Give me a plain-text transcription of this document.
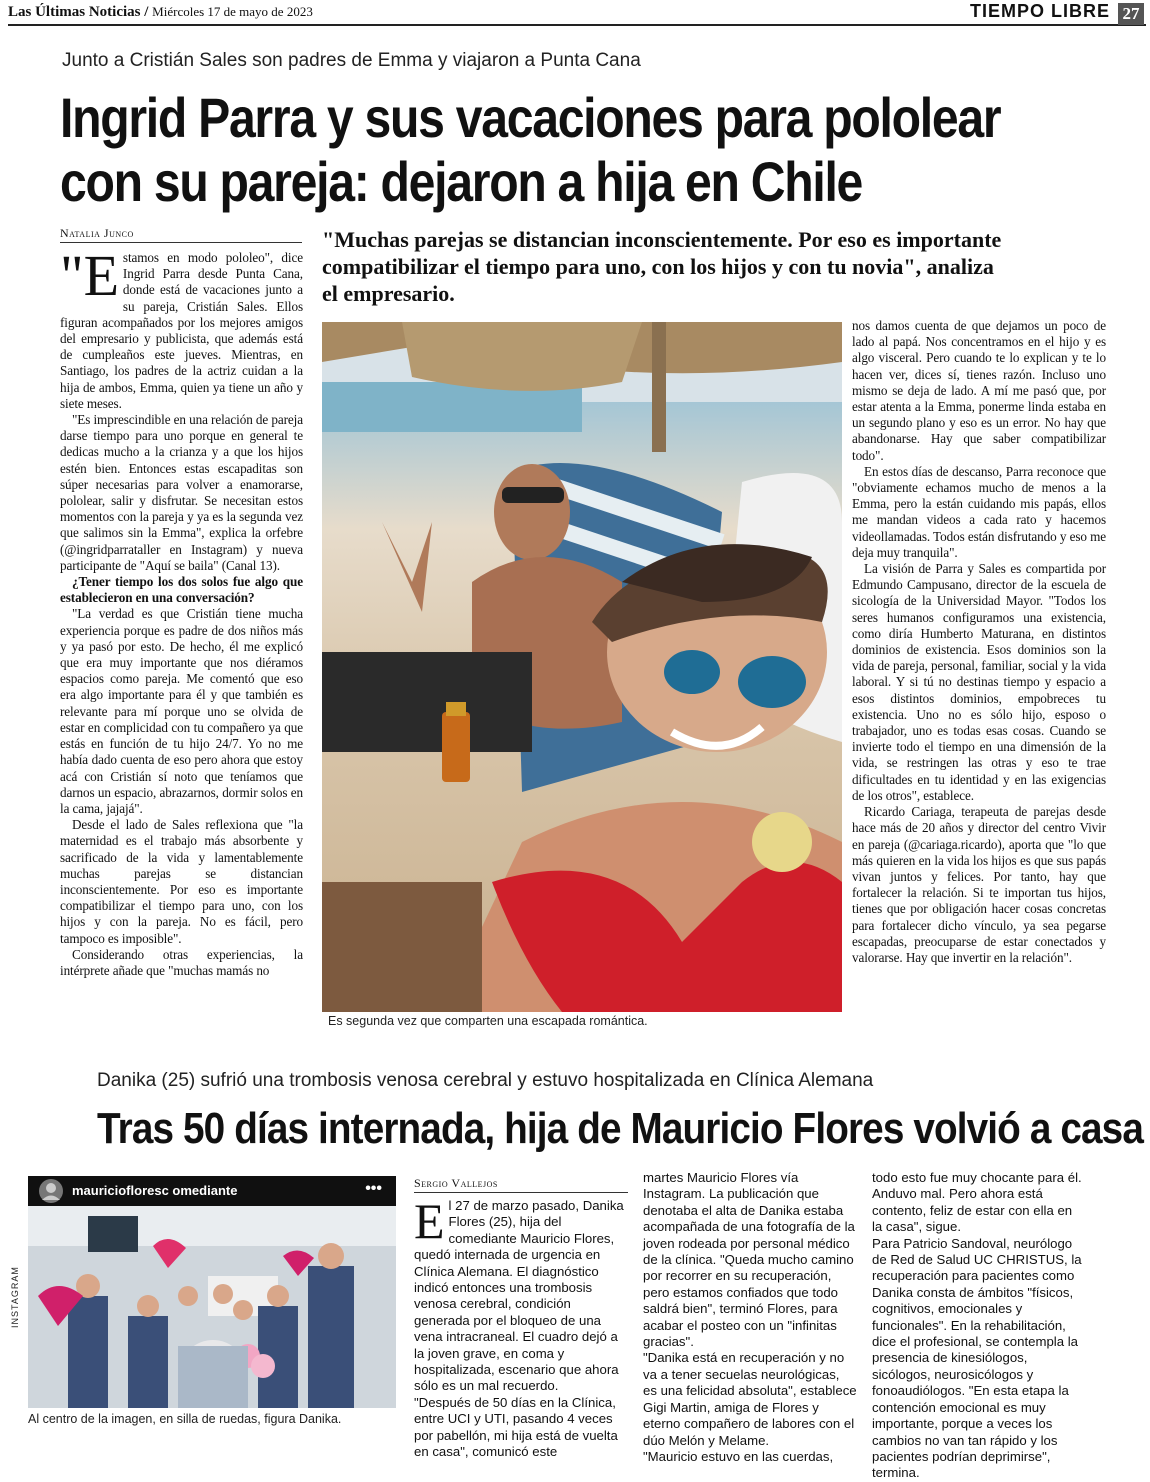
Las Últimas Noticias / Miércoles 17 de mayo de 2023	TIEMPO LIBRE 27
Junto a Cristián Sales son padres de Emma y viajaron a Punta Cana
Ingrid Parra y sus vacaciones para pololear
con su pareja: dejaron a hija en Chile
Natalia Junco	"Muchas parejas se distancian inconscientemente. Por eso es importante compatibilizar el tiempo para uno, con los hijos y con tu novia", analiza el empresario.

"Estamos en modo pololeo", dice Ingrid Parra desde Punta Cana, donde está de vacaciones junto a su pareja, Cristián Sales. Ellos figuran acompañados por los mejores amigos del empresario y publicista, que además está de cumpleaños este jueves. Mientras, en Santiago, los padres de la actriz cuidan a la hija de ambos, Emma, quien ya tiene un año y siete meses.

"Es imprescindible en una relación de pareja darse tiempo para uno porque en general te dedicas mucho a la crianza y a que los hijos estén bien. Entonces estas escapaditas son súper necesarias para volver a enamorarse, pololear, salir y disfrutar. Se necesitan estos momentos con la pareja y ya es la segunda vez que salimos sin la Emma", explica la orfebre (@ingridparrataller en Instagram) y nueva participante de "Aquí se baila" (Canal 13).

¿Tener tiempo los dos solos fue algo que establecieron en una conversación?

"La verdad es que Cristián tiene mucha experiencia porque es padre de dos niños más y ya pasó por esto. De hecho, él me explicó que era muy importante que nos diéramos espacios como pareja. Me comentó que eso era algo importante para él y que también es relevante para mí porque uno se olvida de estar en complicidad con tu compañero ya que estás en función de tu hijo 24/7. Yo no me había dado cuenta de eso pero ahora que estoy acá con Cristián sí noto que teníamos que darnos un espacio, abrazarnos, dormir solos en la cama, jajajá".

Desde el lado de Sales reflexiona que "la maternidad es el trabajo más absorbente y sacrificado de la vida y lamentablemente muchas parejas se distancian inconscientemente. Por eso es importante compatibilizar el tiempo para uno, con los hijos y con la pareja. No es fácil, pero tampoco es imposible".

Considerando otras experiencias, la intérprete añade que "muchas mamás no

Es segunda vez que comparten una escapada romántica.

nos damos cuenta de que dejamos un poco de lado al papá. Nos concentramos en el hijo y es algo visceral. Pero cuando te lo explican y te lo hacen ver, dices sí, tienes razón. Incluso uno mismo se deja de lado. A mí me pasó que, por estar atenta a la Emma, ponerme linda estaba en un segundo plano y eso es un error. No hay que abandonarse. Hay que saber compatibilizar todo".

En estos días de descanso, Parra reconoce que "obviamente echamos mucho de menos a la Emma, pero la están cuidando mis papás, ellos me mandan videos a cada rato y hacemos videollamadas. Todos están disfrutando y eso me deja muy tranquila".

La visión de Parra y Sales es compartida por Edmundo Campusano, director de la escuela de sicología de la Universidad Mayor. "Todos los seres humanos configuramos una existencia, como diría Humberto Maturana, en distintos dominios de existencia. Esos dominios son la vida de pareja, personal, familiar, social y la vida laboral. Y si tú no destinas tiempo y espacio a esos distintos dominios, empobreces tu existencia. Uno no es sólo hijo, esposo o trabajador, uno es todas esas cosas. Cuando se invierte todo el tiempo en una dimensión de la vida, se restringen las otras y eso te trae dificultades en tu identidad y en las exigencias de los otros", establece.

Ricardo Cariaga, terapeuta de parejas desde hace más de 20 años y director del centro Vivir en pareja (@cariaga.ricardo), aporta que "lo que más quieren en la vida los hijos es que sus papás vivan juntos y felices. Por tanto, hay que fortalecer la relación. Si te importan tus hijos, tienes que por obligación hacer cosas concretas para fortalecer dicho vínculo, ya sea pegarse escapadas, preocuparse de estar conectados y valorarse. Hay que invertir en la relación".

Danika (25) sufrió una trombosis venosa cerebral y estuvo hospitalizada en Clínica Alemana
Tras 50 días internada, hija de Mauricio Flores volvió a casa
mauriciofloresc omediante	•••
INSTAGRAM
Al centro de la imagen, en silla de ruedas, figura Danika.
Sergio Vallejos

El 27 de marzo pasado, Danika Flores (25), hija del comediante Mauricio Flores, quedó internada de urgencia en Clínica Alemana. El diagnóstico indicó entonces una trombosis venosa cerebral, condición generada por el bloqueo de una vena intracraneal. El cuadro dejó a la joven grave, en coma y hospitalizada, escenario que ahora sólo es un mal recuerdo.

"Después de 50 días en la Clínica, entre UCI y UTI, pasando 4 veces por pabellón, mi hija está de vuelta en casa", comunicó este

martes Mauricio Flores vía Instagram. La publicación que denotaba el alta de Danika estaba acompañada de una fotografía de la joven rodeada por personal médico de la clínica. "Queda mucho camino por recorrer en su recuperación, pero estamos confiados que todo saldrá bien", terminó Flores, para acabar el posteo con un "infinitas gracias".

"Danika está en recuperación y no va a tener secuelas neurológicas, es una felicidad absoluta", establece Gigi Martin, amiga de Flores y eterno compañero de labores con el dúo Melón y Melame.

"Mauricio estuvo en las cuerdas,

todo esto fue muy chocante para él. Anduvo mal. Pero ahora está contento, feliz de estar con ella en la casa", sigue.

Para Patricio Sandoval, neurólogo de Red de Salud UC CHRISTUS, la recuperación para pacientes como Danika consta de ámbitos "físicos, cognitivos, emocionales y funcionales". En la rehabilitación, dice el profesional, se contempla la presencia de kinesiólogos, sicólogos, neurosicólogos y fonoaudiólogos. "En esta etapa la contención emocional es muy importante, porque a veces los cambios no van tan rápido y los pacientes podrían deprimirse", termina.
